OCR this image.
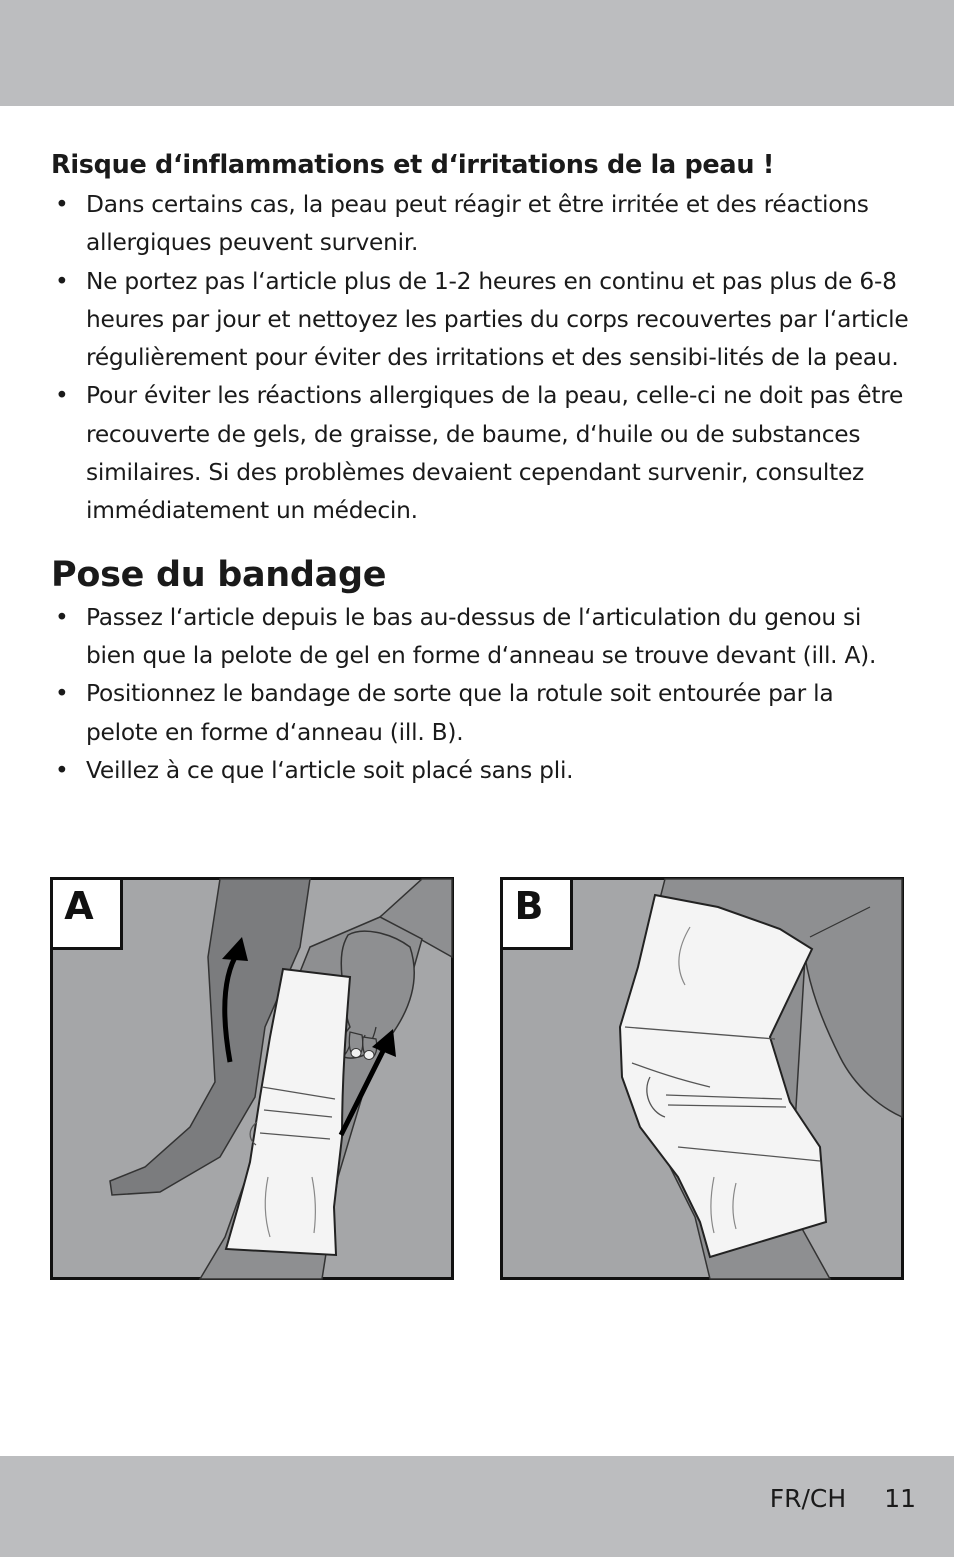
Risque d‘inflammations et d‘irritations de la peau !
• Dans certains cas, la peau peut réagir et être irritée et des réactions allergiques peuvent survenir.
• Ne portez pas l‘article plus de 1-2 heures en continu et pas plus de 6-8 heures par jour et nettoyez les parties du corps recouvertes par l‘article régulièrement pour éviter des irritations et des sensibi-lités de la peau.
• Pour éviter les réactions allergiques de la peau, celle-ci ne doit pas être recouverte de gels, de graisse, de baume, d‘huile ou de substances similaires. Si des problèmes devaient cependant survenir, consultez immédiatement un médecin.
Pose du bandage
• Passez l‘article depuis le bas au-dessus de l‘articulation du genou si bien que la pelote de gel en forme d‘anneau se trouve devant (ill. A).
• Positionnez le bandage de sorte que la rotule soit entourée par la pelote en forme d‘anneau (ill. B).
• Veillez à ce que l‘article soit placé sans pli.
A	B
FR/CH 11
